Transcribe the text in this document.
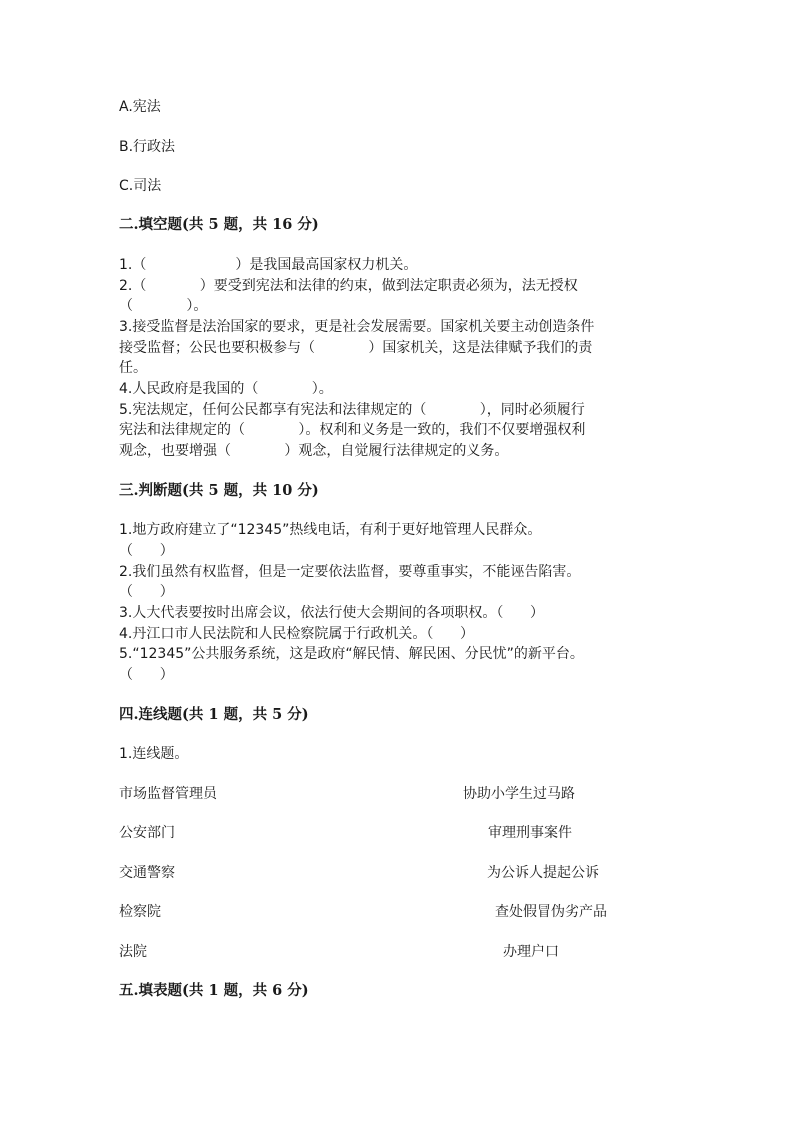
A.宪法
B.行政法
C.司法
二.填空题(共 5 题，共 16 分)
1.（                    ）是我国最高国家权力机关。
2.（            ）要受到宪法和法律的约束，做到法定职责必须为，法无授权
（            ）。
3.接受监督是法治国家的要求，更是社会发展需要。国家机关要主动创造条件
接受监督；公民也要积极参与（            ）国家机关，这是法律赋予我们的责
任。
4.人民政府是我国的（            ）。
5.宪法规定，任何公民都享有宪法和法律规定的（            ），同时必须履行
宪法和法律规定的（            ）。权利和义务是一致的，我们不仅要增强权利
观念，也要增强（            ）观念，自觉履行法律规定的义务。
三.判断题(共 5 题，共 10 分)
1.地方政府建立了“12345”热线电话，有利于更好地管理人民群众。
（      ）
2.我们虽然有权监督，但是一定要依法监督，要尊重事实，不能诬告陷害。
（      ）
3.人大代表要按时出席会议，依法行使大会期间的各项职权。（      ）
4.丹江口市人民法院和人民检察院属于行政机关。（      ）
5.“12345”公共服务系统，这是政府“解民情、解民困、分民忧”的新平台。
（      ）
四.连线题(共 1 题，共 5 分)
1.连线题。
市场监督管理员	协助小学生过马路
公安部门	审理刑事案件
交通警察	为公诉人提起公诉
检察院	查处假冒伪劣产品
法院	办理户口
五.填表题(共 1 题，共 6 分)
